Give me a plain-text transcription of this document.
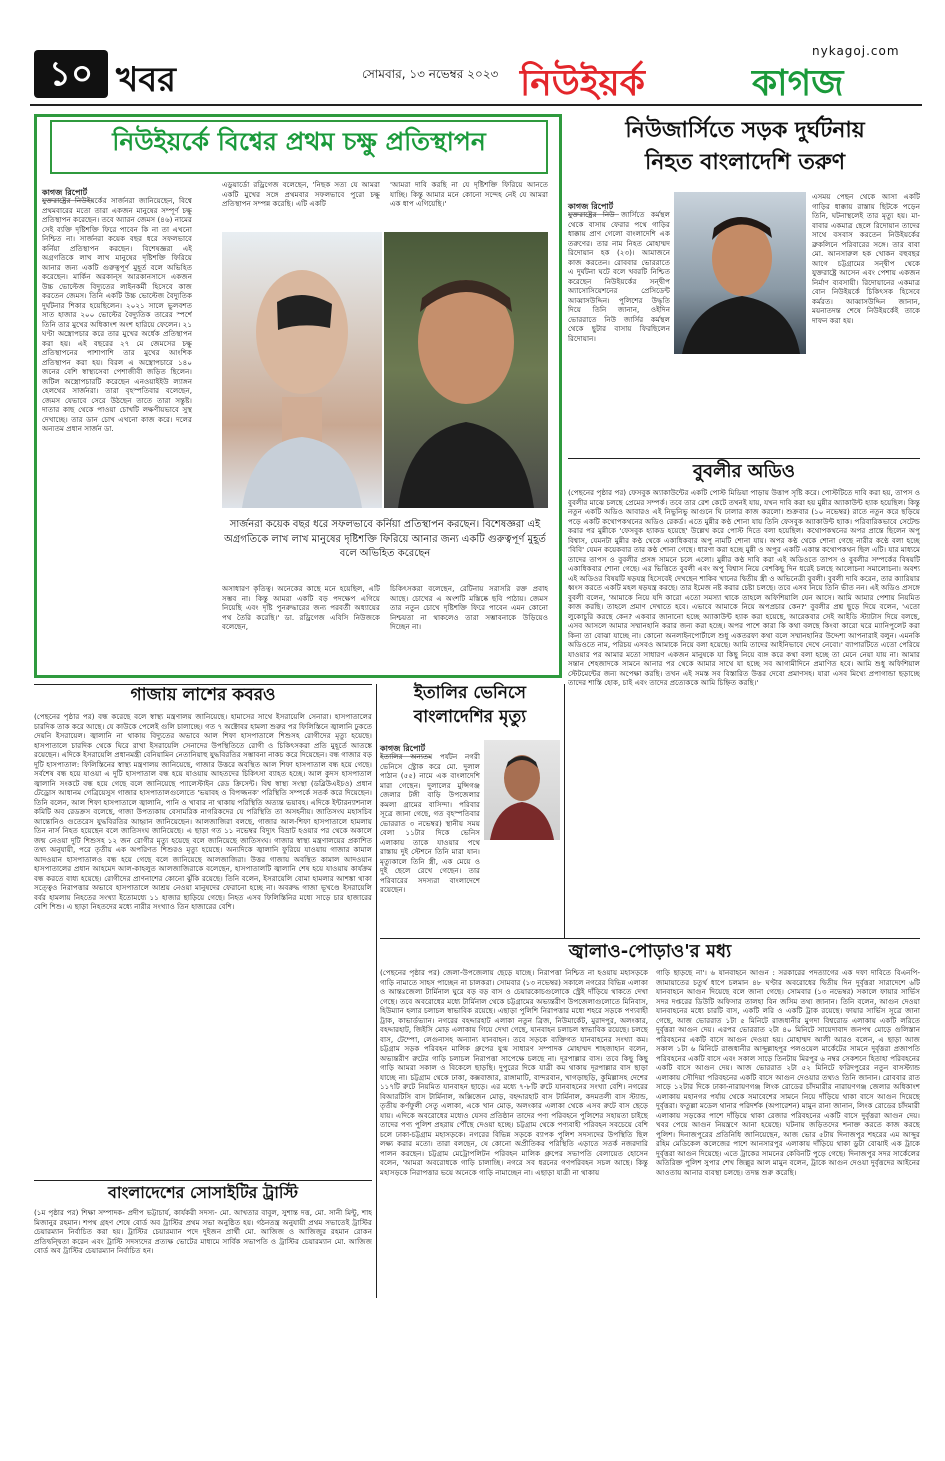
১০ খবর	সোমবার, ১৩ নভেম্বর ২০২৩
nykagoj.com
নিউইয়র্ক	কাগজ
নিউইয়র্কে বিশ্বের প্রথম চক্ষু প্রতিস্থাপন
কাগজ রিপোর্ট
যুক্তরাষ্ট্রের নিউইয়র্কের সার্জনরা জানিয়েছেন, বিশ্বে প্রথমবারের মতো তারা একজন মানুষের সম্পূর্ণ চক্ষু প্রতিস্থাপন করেছেন। তবে অ্যারন জেমস (৪৬) নামের সেই ব্যক্তি দৃষ্টিশক্তি ফিরে পাবেন কি না তা এখনো নিশ্চিত না। সার্জনরা কয়েক বছর ধরে সফলভাবে কর্নিয়া প্রতিস্থাপন করছেন। বিশেষজ্ঞরা এই অগ্রগতিকে লাখ লাখ মানুষের দৃষ্টিশক্তি ফিরিয়ে আনার জন্য একটি গুরুত্বপূর্ণ মুহূর্ত বলে অভিহিত করেছেন। মার্কিন অরকান্‌স আরকানসাসে একজন উচ্চ ভোল্টেজ বিদ্যুতের লাইনকর্মী হিসেবে কাজ করতেন জেমস। তিনি একটি উচ্চ ভোল্টেজ বৈদ্যুতিক দুর্ঘটনার শিকার হয়েছিলেন। ২০২১ সালে ভুলবশত সাত হাজার ২০০ ভোল্টের বৈদ্যুতিক তারের স্পর্শে তিনি তার মুখের অধিকাংশ অংশ হারিয়ে ফেলেন। ২১ ঘণ্টা অস্ত্রোপচার করে তার মুখের অর্ধেক প্রতিস্থাপন করা হয়। এই বছরের ২৭ মে জেমসের চক্ষু প্রতিস্থাপনের পাশাপাশি তার মুখের আংশিক প্রতিস্থাপন করা হয়। বিরল এ অস্ত্রোপচারে ১৪০ জনের বেশি স্বাস্থ্যসেবা পেশাজীবী জড়িত ছিলেন। জটিল অস্ত্রোপচারটি করেছেন এনওয়াইইউ ল্যাঙ্গন হেলথের সার্জনরা। তারা বৃহস্পতিবার বলেছেন, জেমস যেভাবে সেরে উঠছেন তাতে তারা সন্তুষ্ট। দাতার কাছ থেকে পাওয়া চোখটি লক্ষণীয়ভাবে সুস্থ দেখাচ্ছে। তার ডান চোখ এখনো কাজ করে। দলের অন্যতম প্রধান সার্জন ডা.
এডুয়ার্ডো রড্রিগেজ বলেছেন, 'নিছক সত্য যে আমরা একটি মুখের সঙ্গে প্রথমবার সফলভাবে পুরো চক্ষু প্রতিস্থাপন সম্পন্ন করেছি। এটি একটি
'আমরা দাবি করছি না যে দৃষ্টিশক্তি ফিরিয়ে আনতে যাচ্ছি। কিন্তু আমার মনে কোনো সন্দেহ নেই যে আমরা এক ধাপ এগিয়েছি।'
সার্জনরা কয়েক বছর ধরে সফলভাবে কর্নিয়া প্রতিস্থাপন করছেন। বিশেষজ্ঞরা এই অগ্রগতিকে লাখ লাখ মানুষের দৃষ্টিশক্তি ফিরিয়ে আনার জন্য একটি গুরুত্বপূর্ণ মুহূর্ত বলে অভিহিত করেছেন
অসাধারণ কৃতিত্ব। অনেকের কাছে মনে হয়েছিল, এটি সম্ভব না। কিন্তু আমরা একটি বড় পদক্ষেপ এগিয়ে নিয়েছি এবং দৃষ্টি পুনরুদ্ধারের জন্য পরবর্তী অধ্যায়ের পথ তৈরি করেছি।' ডা. রড্রিগেজ এবিসি নিউজকে বলেছেন,
চিকিৎসকরা বলেছেন, রেটিনায় সরাসরি রক্ত প্রবাহ আছে। চোখের এ অংশটি মস্তিষ্কে ছবি পাঠায়। জেমস তার নতুন চোখে দৃষ্টিশক্তি ফিরে পাবেন এমন কোনো নিশ্চয়তা না থাকলেও তারা সম্ভাবনাকে উড়িয়েও দিচ্ছেন না।
নিউজার্সিতে সড়ক দুর্ঘটনায়
নিহত বাংলাদেশি তরুণ
কাগজ রিপোর্ট
যুক্তরাষ্ট্রের নিউ জার্সিতে কর্মস্থল থেকে বাসায় ফেরার পথে গাড়ির ধাক্কায় প্রাণ গেলো বাংলাদেশি এক তরুণের। তার নাম নিহত মোহাম্মদ রিদোয়ান হক (২৩)। আমাজনে কাজ করতেন। রোববার ভোররাতে এ দুর্ঘটনা ঘটে বলে খবরটি নিশ্চিত করেছেন নিউইয়র্কের সন্দ্বীপ অ্যাসোসিয়েশনের প্রেসিডেন্ট আব্বাসউদ্দিন। পুলিশের উদ্ধৃতি দিয়ে তিনি জানান, ওইদিন ভোররাতে নিউ জার্সির কর্মস্থল থেকে ছুটার বাসায় ফিরছিলেন রিদোয়ান।
এসময় পেছন থেকে আসা একটি গাড়ির ধাক্কায় রাস্তায় ছিটকে পড়েন তিনি, ঘটনাস্থলেই তার মৃত্যু হয়। মা-বাবার একমাত্র ছেলে রিদোয়ান তাদের সাথে বসবাস করতেন নিউইয়র্কের ব্রুকলিনে পরিবারের সঙ্গে। তার বাবা মো. আনসারুল হক খোকন বহুবছর আগে চট্টগ্রামের সন্দ্বীপ থেকে যুক্তরাষ্ট্রে আসেন এবং পেশায় একজন নির্মাণ ব্যবসায়ী। রিদোয়ানের একমাত্র বোন নিউইয়র্কে চিকিৎসক হিসেবে কর্মরত। আব্বাসউদ্দিন জানান, ময়নাতদন্ত শেষে নিউইয়র্কেই তাকে দাফন করা হয়।
বুবলীর অডিও
(পেছনের পৃষ্ঠার পর) ফেসবুক অ্যাকাউন্টের একটি পোস্ট মিডিয়া পাড়ায় উত্তাপ সৃষ্টি করে। পোস্টটিতে দাবি করা হয়, তাপস ও বুবলীর মাঝে চলছে প্রেমের সম্পর্ক। তবে তার রেশ কেটে তখনই যায়, যখন দাবি করা হয় মুন্নীর অ্যাকাউন্ট হ্যাক হয়েছিল। কিন্তু নতুন একটি অডিও আবারও এই নিভুনিভু আগুনে ঘি ঢালার কাজ করলো। শুক্রবার (১০ নভেম্বর) রাতে নতুন করে ছড়িয়ে পড়ে একটি কথোপকথনের অডিও রেকর্ড। এতে মুন্নীর কণ্ঠ শোনা যায় তিনি ফেসবুক অ্যাকাউন্ট হ্যাক। পরিবারিকভাবে সেটেল্ড করার পর মুন্নীকে 'ফেসবুক হ্যাকড হয়েছে' উল্লেখ করে পোস্ট দিতে বলা হয়েছিল। কথোপকথনের অপর প্রান্তে ছিলেন অপু বিশ্বাস, যেমনটা মুন্নীর কণ্ঠ থেকে একাধিকবার অপু নামটি শোনা যায়। অপর কণ্ঠ থেকে শোনা গেছে নারীর কণ্ঠে বলা হচ্ছে 'বিবি' যেমন কয়েকবার তার কণ্ঠ শোনা গেছে। ধারণা করা হচ্ছে মুন্নী ও অপুর একটি একান্ত কথোপকথন ছিল এটি। যার মাধ্যমে তাদের তাপস ও বুবলীর প্রসঙ্গ সামনে চলে এলো। মুন্নীর কণ্ঠ দাবি করা এই অডিওতে তাপস ও বুবলীর সম্পর্কের বিষয়টি একাধিকবার শোনা গেছে। এর ভিত্তিতে বুবলী এবং অপু বিশ্বাস নিয়ে বেশকিছু দিন ধরেই চলছে আলোচনা সমালোচনা। অবশ্য এই অডিওর বিষয়টি ষড়যন্ত্র হিসেবেই দেখছেন শাকিব খানের দ্বিতীয় স্ত্রী ও অভিনেত্রী বুবলী। বুবলী দাবি করেন, তার ক্যারিয়ার ধ্বংস করতে একটি মহল ষড়যন্ত্র করছে। তার ইমেজ নষ্ট করার চেষ্টা চলছে। তবে এসব নিয়ে তিনি ভীত নন। এই অডিও প্রসঙ্গে বুবলী বলেন, 'আমাকে নিয়ে যদি কারো এতো সমস্যা থাকে তাহলে অফিশিয়ালি যেন আসে। আমি আমার পেশায় নিয়মিত কাজ করছি। তাহলে প্রমাণ দেখাতে হবে। এভাবে আমাকে নিয়ে অপপ্রচার কেন?' বুবলীর প্রশ্ন ছুড়ে দিয়ে বলেন, 'এতো লুকোচুরি করছে কেন? একবার জানানো হচ্ছে অ্যাকাউন্ট হ্যাক করা হয়েছে, আরেকবার সেই আইডি স্ট্যাটাস দিয়ে বলছে, এসব আসলে আমার সম্মানহানি করার জন্য করা হচ্ছে। অপর পাশে কারা কি কথা বলছে কিংবা কারো ঘরে ম্যানিপুলেট করা কিনা তা বোঝা যাচ্ছে না। কোনো অনলাইনপোর্টালে শুধু একতরফা কথা বলে সম্মানহানির উদ্দেশ্য আপনারাই বলুন। এমনকি অডিওতে নাম, পরিচয় এসবও আমাকে নিয়ে বলা হয়েছে। আমি তাদের আইনিভাবে দেখে নেবো।' ব্যাপারটিতে এতো পেরিয়ে যাওয়ার পর আমার মতো সাধারণ একজন মানুষকে যা কিছু নিয়ে ব্যঙ্গ করে কথা বলা হচ্ছে তা মেনে নেয়া যায় না। আমার সন্তান শেহজাদকে সামনে আনার পর থেকে আমার সাথে যা হচ্ছে সব আগামীদিনে প্রমাণিত হবে। আমি শুধু অফিশিয়াল স্টেটমেন্টের জন্য অপেক্ষা করছি। তখন এই সমস্ত সব বিস্তারিত উত্তর দেবো প্রমাণসহ। যারা এসব মিথ্যে প্রপাগান্ডা ছড়াচ্ছে তাদের শাস্তি হোক, চাই এবং তাদের প্রত্যেককে আমি চিহ্নিত করছি।'
গাজায় লাশের কবরও
(পেছনের পৃষ্ঠার পর) বন্ধ করেছে বলে স্বাস্থ্য মন্ত্রণালয় জানিয়েছে। হামাসের সাথে ইসরায়েলি সেনারা। হাসপাতালের চারদিক তাক করে আছে। যে কাউকে পেলেই গুলি চালাচ্ছে। গত ৭ অক্টোবর হামলা শুরুর পর ফিলিস্তিনে জ্বালানি ঢুকতে দেয়নি ইসরায়েল। জ্বালানি না থাকায় বিদ্যুতের অভাবে আল শিফা হাসপাতালে শিশুসহ রোগীদের মৃত্যু হয়েছে। হাসপাতালে চারদিক থেকে ঘিরে রাখা ইসরায়েলি সেনাদের উপস্থিতিতে রোগী ও চিকিৎসকরা প্রতি মুহূর্তে আতঙ্কে রয়েছেন। এদিকে ইসরায়েলি প্রধানমন্ত্রী বেনিয়ামিন নেতানিয়াহু যুদ্ধবিরতির সম্ভাবনা নাকচ করে দিয়েছেন। বন্ধ গাজার বড় দুটি হাসপাতাল: ফিলিস্তিনের স্বাস্থ্য মন্ত্রণালয় জানিয়েছে, গাজার উত্তরে অবস্থিত আল শিফা হাসপাতাল বন্ধ হয়ে গেছে। সর্বশেষ বন্ধ হয়ে যাওয়া এ দুটি হাসপাতাল বন্ধ হয়ে যাওয়ায় আহতদের চিকিৎসা ব্যাহত হচ্ছে। আল কুদস হাসপাতাল জ্বালানি সংকটে বন্ধ হয়ে গেছে বলে জানিয়েছে প্যালেস্টাইন রেড ক্রিসেন্ট। বিশ্ব স্বাস্থ্য সংস্থা (ডব্লিউএইচও) প্রধান টেড্রোস আধানম গেব্রিয়েসুস গাজার হাসপাতালগুলোতে 'ভয়াবহ ও বিপজ্জনক' পরিস্থিতি সম্পর্কে সতর্ক করে দিয়েছেন। তিনি বলেন, আল শিফা হাসপাতালে জ্বালানি, পানি ও খাবার না থাকায় পরিস্থিতি অত্যন্ত ভয়াবহ। এদিকে ইন্টারন্যাশনাল কমিটি অব রেডক্রস বলেছে, গাজা উপত্যকায় বেসামরিক নাগরিকদের যে পরিস্থিতি তা অসহনীয়। জাতিসংঘ মহাসচিব আন্তোনিও গুতেরেস যুদ্ধবিরতির আহ্বান জানিয়েছেন। আলজাজিরা বলছে, গাজার আল-শিফা হাসপাতালে হামলায় তিন নার্স নিহত হয়েছেন বলে জাতিসংঘ জানিয়েছে। এ ছাড়া গত ১১ নভেম্বর বিদ্যুৎ বিভ্রাট হওয়ার পর থেকে অকালে জন্ম নেওয়া দুটি শিশুসহ ১২ জন রোগীর মৃত্যু হয়েছে বলে জানিয়েছে জাতিসংঘ। গাজার স্বাস্থ্য মন্ত্রণালয়ের প্রকাশিত তথ্য অনুযায়ী, পরে তৃতীয় এক অপরিণত শিশুরও মৃত্যু হয়েছে। অন্যদিকে জ্বালানি ফুরিয়ে যাওয়ায় গাজার কামাল আদওয়ান হাসপাতালও বন্ধ হয়ে গেছে বলে জানিয়েছে আলজাজিরা। উত্তর গাজায় অবস্থিত কামাল আদওয়ান হাসপাতালের প্রধান আহমেদ আল-কাহলুত আলজাজিরাকে বলেছেন, হাসপাতালটি জ্বালানি শেষ হয়ে যাওয়ায় কার্যক্রম বন্ধ করতে বাধ্য হয়েছে। রোগীদের প্রাণনাশের কোনো ঝুঁকি রয়েছে। তিনি বলেন, ইসরায়েলি বোমা হামলার আশঙ্কা থাকা সত্ত্বেও নিরাপত্তার অভাবে হাসপাতালে আশ্রয় নেওয়া মানুষদের ফেরানো হচ্ছে না। অবরুদ্ধ গাজা ভূখণ্ডে ইসরায়েলি বর্বর হামলায় নিহতের সংখ্যা ইতোমধ্যে ১১ হাজার ছাড়িয়ে গেছে। নিহত এসব ফিলিস্তিনির মধ্যে সাড়ে চার হাজারের বেশি শিশু। এ ছাড়া নিহতদের মধ্যে নারীর সংখ্যাও তিন হাজারের বেশি।
ইতালির ভেনিসে
বাংলাদেশির মৃত্যু
কাগজ রিপোর্ট
ইতালির অন্যতম পর্যটন নগরী ভেনিসে স্ট্রোক করে মো. দুলাল পাঠান (৫৫) নামে এক বাংলাদেশি মারা গেছেন। দুলালের মুন্সিগঞ্জ জেলার টঙ্গী বাড়ি উপজেলার কমলা গ্রামের বাসিন্দা। পরিবার সূত্রে জানা গেছে, গত বৃহস্পতিবার ভোররাত ৩ নভেম্বর) স্থানীয় সময় বেলা ১১টার দিকে ভেনিস এলাকায় তাকে যাওয়ার পথে রাস্তায় দুই স্টেশনে তিনি মারা যান। মৃত্যুকালে তিনি স্ত্রী, এক মেয়ে ও দুই ছেলে রেখে গেছেন। তার পরিবারের সদস্যরা বাংলাদেশে রয়েছেন।
বাংলাদেশের সোসাইটির ট্রাস্টি
(১ম পৃষ্ঠার পর) শিক্ষা সম্পাদক- প্রদীপ ভট্টাচার্য, কার্যকরী সদস্য- মো. আখতার বাবুল, সুশান্ত দত্ত, মো. সানী মিন্টু, শাহ মিজানুর রহমান। শপথ গ্রহণ শেষে বোর্ড অব ট্রাস্টির প্রথম সভা অনুষ্ঠিত হয়। গঠনতন্ত্র অনুযায়ী প্রথম সভাতেই ট্রাস্টির চেয়ারম্যান নির্বাচিত করা হয়। ট্রাস্টির চেয়ারম্যান পদে দুইজন প্রার্থী মো. আজিজ ও আজিজুর রহমান রোকন প্রতিদ্বন্দ্বিতা করেন এবং ট্রাস্টি সদস্যদের প্রত্যক্ষ ভোটের মাধ্যমে সার্বিক সভাপতি ও ট্রাস্টির চেয়ারম্যান মো. আজিজ বোর্ড অব ট্রাস্টির চেয়ারম্যান নির্বাচিত হন।
জ্বালাও-পোড়াও'র মধ্য
(পেছনের পৃষ্ঠার পর) জেলা-উপজেলায় ছেড়ে যাচ্ছে। নিরাপত্তা নিশ্চিত না হওয়ায় মহাসড়কে গাড়ি নামাতে সাহস পাচ্ছেন না চালকরা। সোমবার (১৩ নভেম্বর) সকালে নগরের বিভিন্ন এলাকা ও আন্তঃজেলা টার্মিনাল ঘুরে বড় বড় বাস ও চেয়ারকোচগুলোকে স্ট্রেই দাঁড়িয়ে থাকতে দেখা গেছে। তবে অবরোধের মধ্যে টার্মিনাল থেকে চট্টগ্রামের অভ্যন্তরীণ উপজেলাগুলোতে মিনিবাস, হিউম্যান হলার চলাচল স্বাভাবিক রয়েছে। এছাড়া পুলিশি নিরাপত্তার মধ্যে শহরে সড়কে পণ্যবাহী ট্রাক, কাভার্ডভ্যান। নগরের বহদ্দারহাট এলাকা নতুন ব্রিজ, নিউমার্কেট, মুরাদপুর, অলংকার, বহদ্দারহাট, জিইসি মোড় এলাকায় গিয়ে দেখা গেছে, যানবাহন চলাচল স্বাভাবিক রয়েছে। চলছে বাস, টেম্পো, লেগুনাসহ অন্যান্য যানবাহন। তবে সড়কে ব্যক্তিগত যানবাহনের সংখ্যা কম। চট্টগ্রাম সড়ক পরিবহন মালিক গ্রুপের যুগ্ম সাধারণ সম্পাদক মোহাম্মদ শাহজাহান বলেন, অভ্যন্তরীণ রুটের গাড়ি চলাচল নিরাপত্তা সাপেক্ষে চলছে না। দূরপাল্লার বাস। তবে কিছু কিছু গাড়ি আমরা সকাল ও বিকেলে ছাড়ছি। দুপুরের দিকে যাত্রী কম থাকায় দূরপাল্লার বাস ছাড়া যাচ্ছে না। চট্টগ্রাম থেকে ঢাকা, কক্সবাজার, রাঙ্গামাটি, বান্দরবান, খাগড়াছড়ি, কুমিল্লাসহ দেশের ১১৭টি রুটে নিয়মিত যানবাহন ছাড়ে। এর মধ্যে ৭-৮টি রুটে যানবাহনের সংখ্যা বেশি। নগরের বিআরটিসি বাস টার্মিনাল, অক্সিজেন মোড়, বহদ্দারহাট বাস টার্মিনাল, কদমতলী বাস স্ট্যান্ড, তৃতীয় কর্ণফুলী সেতু এলাকা, একে খান মোড়, অলংকার এলাকা থেকে এসব রুটে বাস ছেড়ে যায়। এদিকে অবরোধের মধ্যেও যেসব প্রতিষ্ঠান তাদের পণ্য পরিবহনে পুলিশের সহায়তা চাইছে তাদের পণ্য পুলিশ প্রহরায় পৌঁছে দেওয়া হচ্ছে। চট্টগ্রাম থেকে পণ্যবাহী পরিবহন সবচেয়ে বেশি চলে ঢাকা-চট্টগ্রাম মহাসড়কে। নগরের বিভিন্ন সড়কে ব্যাপক পুলিশ সদস্যদের উপস্থিতি ছিল লক্ষ্য করার মতো। তারা বলছেন, যে কোনো অপ্রীতিকর পরিস্থিতি এড়াতে সতর্ক নজরদারি পালন করছেন। চট্টগ্রাম মেট্রোপলিটন পরিবহন মালিক গ্রুপের সভাপতি বেলায়েত হোসেন বলেন, 'আমরা অবরোধকে গাড়ি চালাচ্ছি। নগরে সব ধরনের গণপরিবহন সচল আছে। কিন্তু মহাসড়কে নিরাপত্তার ভয়ে অনেকে গাড়ি নামাচ্ছেন না। এছাড়া যাত্রী না থাকায়
গাড়ি ছাড়ছে না'। ৬ যানবাহনে আগুন : সরকারের পদত্যাগের এক দফা দাবিতে বিএনপি-জামায়াতের চতুর্থ ধাপে চলমান ৪৮ ঘণ্টার অবরোধের দ্বিতীয় দিন দুর্বৃত্তরা সারাদেশে ৬টি যানবাহনে আগুন দিয়েছে বলে জানা গেছে। সোমবার (১৩ নভেম্বর) সকালে ফায়ার সার্ভিস সদর দপ্তরের ডিউটি অফিসার তালহা বিন জসিম তথ্য জানান। তিনি বলেন, আগুন দেওয়া যানবাহনের মধ্যে চারটি বাস, একটি লরি ও একটি ট্রাক রয়েছে। ফায়ার সার্ভিস সূত্রে জানা গেছে, আজ ভোররাত ১টা ৫ মিনিটে রাজধানীর মুগদা বিশ্বরোড এলাকায় একটি লরিতে দুর্বৃত্তরা আগুন দেয়। এরপর ভোররাত ২টা ৪০ মিনিটে সায়েদাবাদ জনপথ মোড়ে গুলিস্তান পরিবহনের একটি বাসে আগুন দেওয়া হয়। মোহাম্মদ আলী আরও বলেন, এ ছাড়া আজ সকাল ১টা ৬ মিনিটে রাজধানীর আব্দুল্লাহপুর পলওয়েল মার্কেটের সামনে দুর্বৃত্তরা প্রজাপতি পরিবহনের একটি বাসে এবং সকাল সাড়ে তিনটায় মিরপুর ৬ নম্বর সেকশনে হিতাহা পরিবহনের একটি বাসে আগুন দেয়। আজ ভোররাত ২টা ৫২ মিনিটে ফরিদপুরের নতুন বাসস্ট্যান্ড এলাকায় সৌদিয়া পরিবহনের একটি বাসে আগুন দেওয়ার তথ্যও তিনি জানান। রোববার রাত সাড়ে ১২টার দিকে ঢাকা-নারায়ণগঞ্জ লিংক রোডের চাঁদমারীর নারায়ণগঞ্জ জেলার অধিকাংশ এলাকায় মহানগর পর্যায় থেকে সমাবেশের সামনে নিয়ে দাঁড়িয়ে থাকা বাসে আগুন দিয়েছে দুর্বৃত্তরা। ফতুল্লা মডেল থানার পরিদর্শক (অপারেশন) মামুন রানা জানান, লিংক রোডের চাঁদমারী এলাকায় সড়কের পাশে দাঁড়িয়ে থাকা রেজার পরিবহনের একটি বাসে দুর্বৃত্তরা আগুন দেয়। খবর পেয়ে আগুন নিয়ন্ত্রণে আনা হয়েছে। ঘটনায় জড়িতদের শনাক্ত করতে কাজ করছে পুলিশ। দিনাজপুরের প্রতিনিধি জানিয়েছেন, আজ ভোর ৫টায় দিনাজপুর শহরের এম আব্দুর রহিম মেডিকেল কলেজের পাশে আনসারপুর এলাকায় দাঁড়িয়ে থাকা ডুটা বোঝাই এক ট্রাকে দুর্বৃত্তরা আগুন দিয়েছে। এতে ট্রাকের সামনের কেবিনটি পুড়ে গেছে। দিনাজপুর সদর সার্কেলের অতিরিক্ত পুলিশ সুপার শেখ জিল্লুর আল মামুন বলেন, ট্রাকে আগুন দেওয়া দুর্বৃত্তদের আইনের আওতায় আনার ব্যবস্থা চলছে। তদন্ত শুরু করেছি।
